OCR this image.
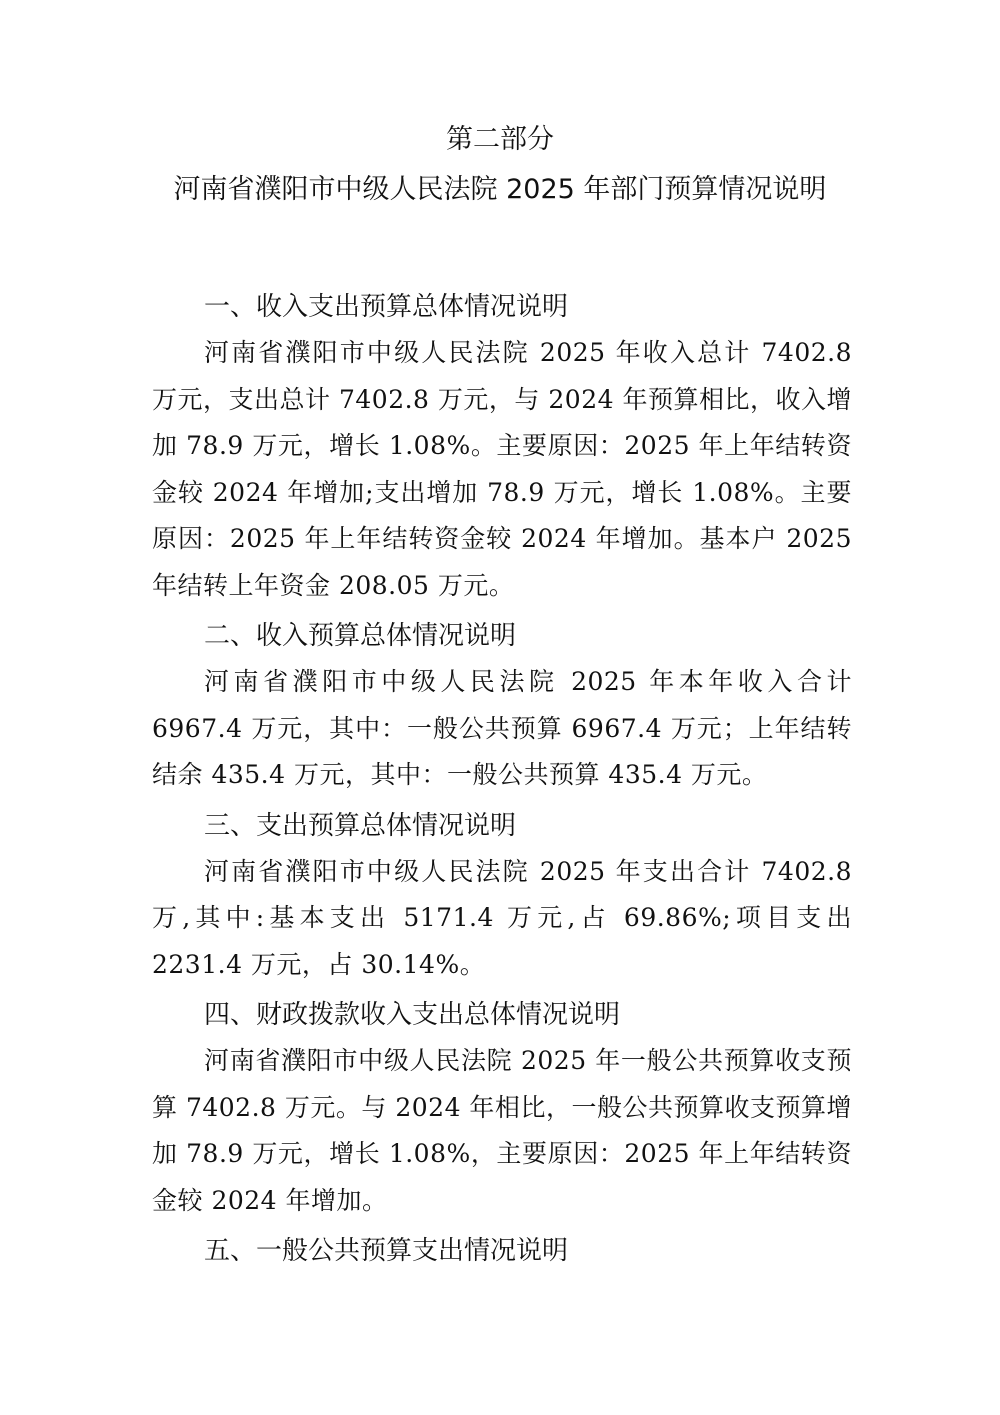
第二部分
河南省濮阳市中级人民法院 2025 年部门预算情况说明

一、收入支出预算总体情况说明

河南省濮阳市中级人民法院 2025 年收入总计 7402.8 万元，支出总计 7402.8 万元，与 2024 年预算相比，收入增加 78.9 万元，增长 1.08%。主要原因：2025 年上年结转资金较 2024 年增加;支出增加 78.9 万元，增长 1.08%。主要原因：2025 年上年结转资金较 2024 年增加。基本户 2025 年结转上年资金 208.05 万元。

二、收入预算总体情况说明

河南省濮阳市中级人民法院 2025 年本年收入合计 6967.4 万元，其中：一般公共预算 6967.4 万元；上年结转结余 435.4 万元，其中：一般公共预算 435.4 万元。

三、支出预算总体情况说明

河南省濮阳市中级人民法院 2025 年支出合计 7402.8 万,其中:基本支出 5171.4 万元,占 69.86%;项目支出 2231.4 万元，占 30.14%。

四、财政拨款收入支出总体情况说明

河南省濮阳市中级人民法院 2025 年一般公共预算收支预算 7402.8 万元。与 2024 年相比，一般公共预算收支预算增加 78.9 万元，增长 1.08%，主要原因：2025 年上年结转资金较 2024 年增加。

五、一般公共预算支出情况说明
